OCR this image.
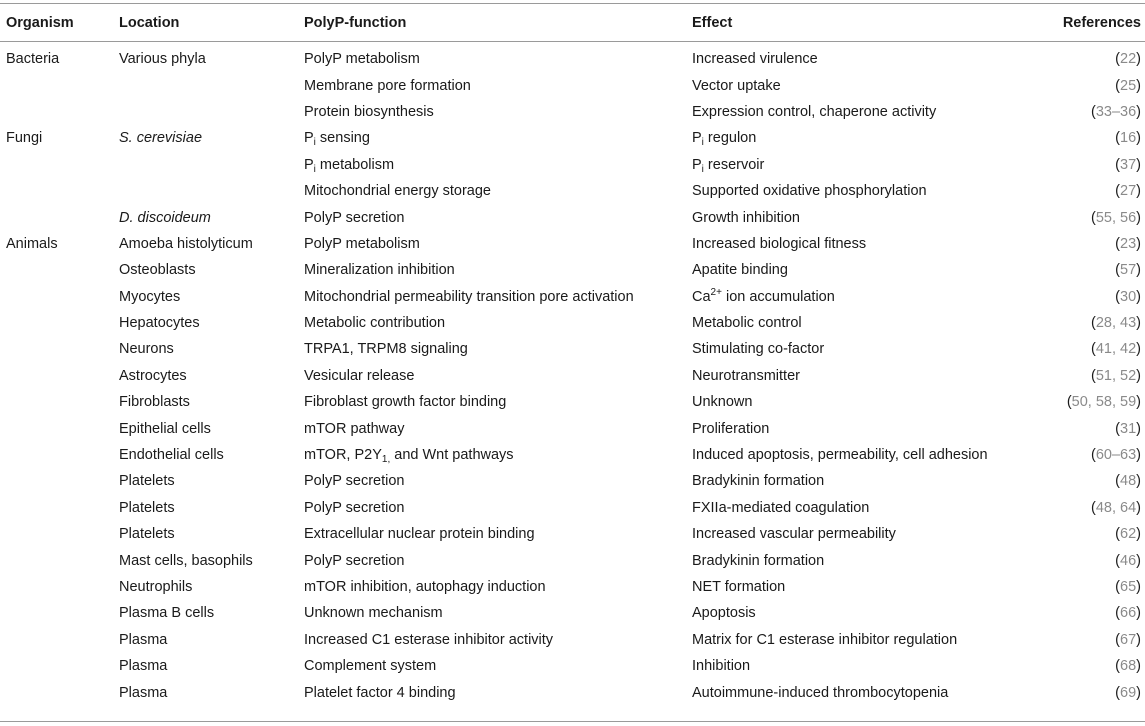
Organism	Location	PolyP-function	Effect	References
Bacteria	Various phyla	PolyP metabolism	Increased virulence	(22)
		Membrane pore formation	Vector uptake	(25)
		Protein biosynthesis	Expression control, chaperone activity	(33–36)
Fungi	S. cerevisiae	$P_i$ sensing	$P_i$ regulon	(16)
		$P_i$ metabolism	$P_i$ reservoir	(37)
		Mitochondrial energy storage	Supported oxidative phosphorylation	(27)
	D. discoideum	PolyP secretion	Growth inhibition	(55, 56)
Animals	Amoeba histolyticum	PolyP metabolism	Increased biological fitness	(23)
	Osteoblasts	Mineralization inhibition	Apatite binding	(57)
	Myocytes	Mitochondrial permeability transition pore activation	$Ca^{2+}$ ion accumulation	(30)
	Hepatocytes	Metabolic contribution	Metabolic control	(28, 43)
	Neurons	TRPA1, TRPM8 signaling	Stimulating co-factor	(41, 42)
	Astrocytes	Vesicular release	Neurotransmitter	(51, 52)
	Fibroblasts	Fibroblast growth factor binding	Unknown	(50, 58, 59)
	Epithelial cells	mTOR pathway	Proliferation	(31)
	Endothelial cells	mTOR, $P2Y_{1,}$ and Wnt pathways	Induced apoptosis, permeability, cell adhesion	(60–63)
	Platelets	PolyP secretion	Bradykinin formation	(48)
	Platelets	PolyP secretion	FXIIa-mediated coagulation	(48, 64)
	Platelets	Extracellular nuclear protein binding	Increased vascular permeability	(62)
	Mast cells, basophils	PolyP secretion	Bradykinin formation	(46)
	Neutrophils	mTOR inhibition, autophagy induction	NET formation	(65)
	Plasma B cells	Unknown mechanism	Apoptosis	(66)
	Plasma	Increased C1 esterase inhibitor activity	Matrix for C1 esterase inhibitor regulation	(67)
	Plasma	Complement system	Inhibition	(68)
	Plasma	Platelet factor 4 binding	Autoimmune-induced thrombocytopenia	(69)
